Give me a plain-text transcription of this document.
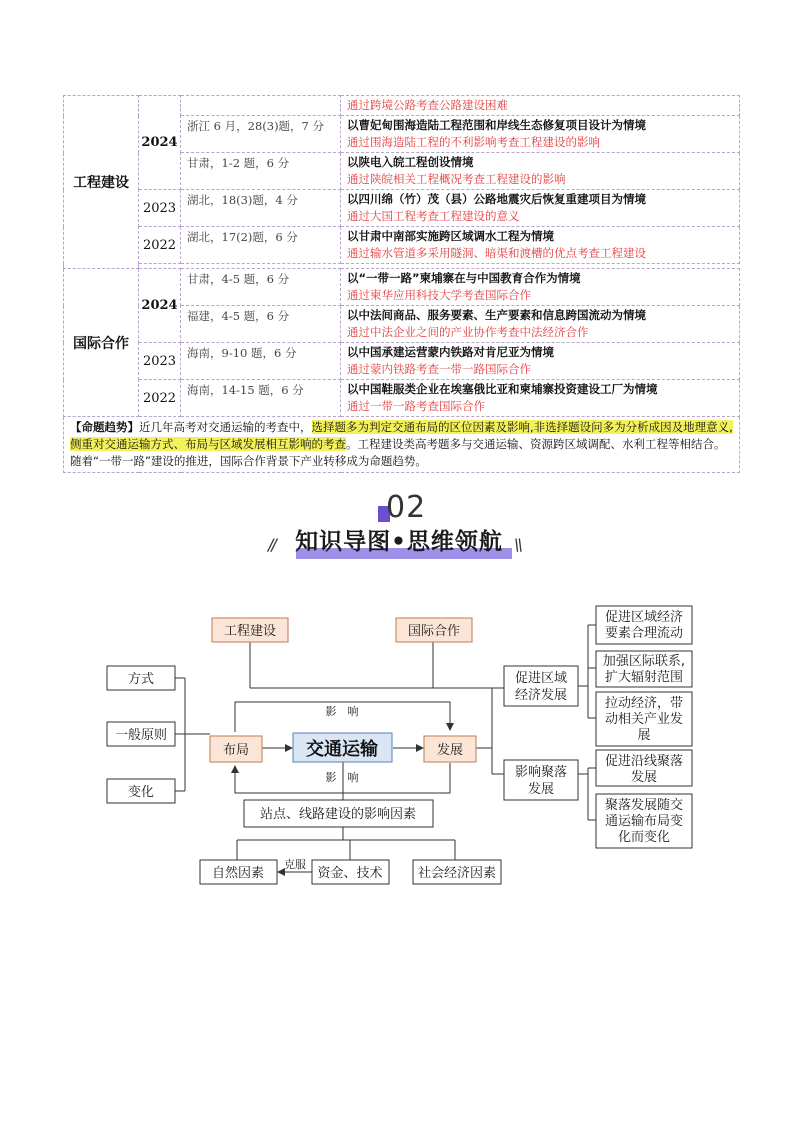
工程建设	2024		通过跨境公路考查公路建设困难

		浙江 6 月，28(3)题，7 分	以曹妃甸围海造陆工程范围和岸线生态修复项目设计为情境
通过围海造陆工程的不利影响考查工程建设的影响

		甘肃，1-2 题，6 分	以陕电入皖工程创设情境
通过陕皖相关工程概况考查工程建设的影响

	2023	湖北，18(3)题，4 分	以四川绵（竹）茂（县）公路地震灾后恢复重建项目为情境
通过大国工程考查工程建设的意义

	2022	湖北，17(2)题，6 分	以甘肃中南部实施跨区域调水工程为情境
通过输水管道多采用隧洞、暗渠和渡槽的优点考查工程建设

国际合作	2024	甘肃，4-5 题，6 分	以“一带一路”柬埔寨在与中国教育合作为情境
通过柬华应用科技大学考查国际合作

		福建，4-5 题，6 分	以中法间商品、服务要素、生产要素和信息跨国流动为情境
通过中法企业之间的产业协作考查中法经济合作

	2023	海南，9-10 题，6 分	以中国承建运营蒙内铁路对肯尼亚为情境
通过蒙内铁路考查一带一路国际合作

	2022	海南，14-15 题，6 分	以中国鞋服类企业在埃塞俄比亚和柬埔寨投资建设工厂为情境
通过一带一路考查国际合作

【命题趋势】近几年高考对交通运输的考查中，选择题多为判定交通布局的区位因素及影响,非选择题设问多为分析成因及地理意义,侧重对交通运输方式、布局与区域发展相互影响的考查。工程建设类高考题多与交通运输、资源跨区域调配、水利工程等相结合。随着“一带一路”建设的推进，国际合作背景下产业转移成为命题趋势。			
02
知识导图•思维领航
//	\\
工程建设	国际合作
方式
一般原则
变化
布局	发展
交通运输
影　响
影　响
站点、线路建设的影响因素
自然因素
克服
资金、技术	社会经济因素
促进区域
经济发展
促进区域经济
要素合理流动
加强区际联系,
扩大辐射范围
拉动经济，带
动相关产业发
展
影响聚落
发展
促进沿线聚落
发展
聚落发展随交
通运输布局变
化而变化
